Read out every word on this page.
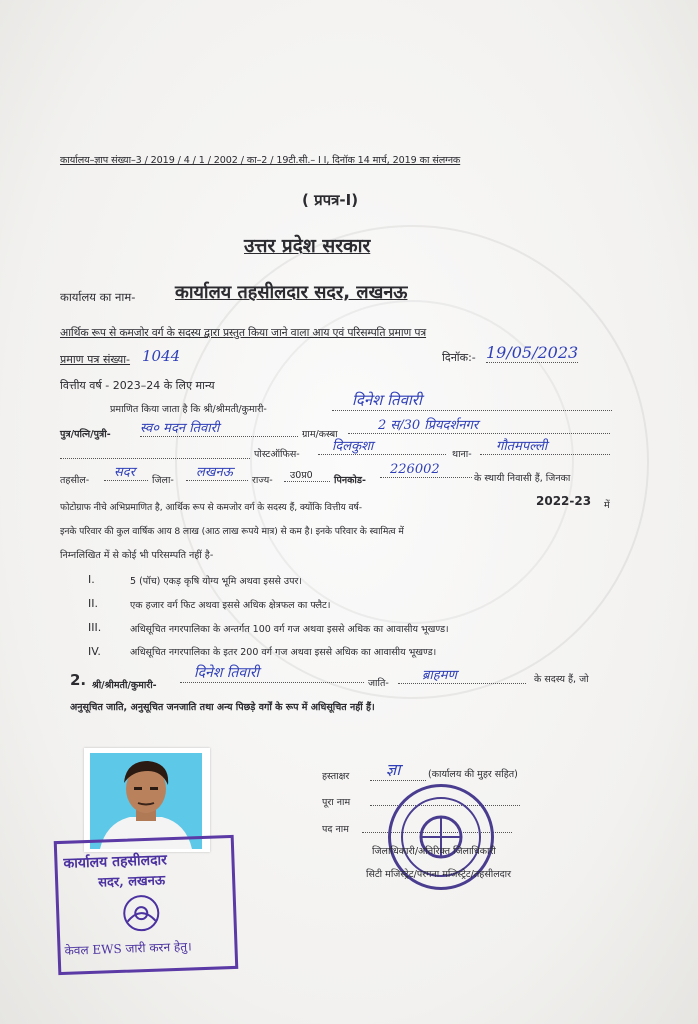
कार्यालय–ज्ञाप संख्या–3 / 2019 / 4 / 1 / 2002 / का–2 / 19टी.सी.– I I, दिनॉक 14 मार्च, 2019 का संलग्नक
( प्रपत्र-I)
उत्तर प्रदेश सरकार
कार्यालय का नाम- कार्यालय तहसीलदार सदर, लखनऊ
आर्थिक रूप से कमजोर वर्ग के सदस्य द्वारा प्रस्तुत किया जाने वाला आय एवं परिसम्पति प्रमाण पत्र
प्रमाण पत्र संख्या- 1044	दिनॉक:- 19/05/2023
वित्तीय वर्ष - 2023–24 के लिए मान्य
प्रमाणित किया जाता है कि श्री/श्रीमती/कुमारी-
दिनेश तिवारी
पुत्र/पत्नि/पुत्री- स्व० मदन तिवारी	ग्राम/कस्बा
2 स/30 प्रियदर्शनगर
पोस्टऑफिस-
दिलकुशा
थाना-
गौतमपल्ली
तहसील-
सदर
जिला-
लखनऊ
राज्य-	उ0प्र0	पिनकोड-
226002
के स्थायी निवासी हैं, जिनका
फोटोग्राफ नीचे अभिप्रमाणित है, आर्थिक रूप से कमजोर वर्ग के सदस्य हैं, क्योंकि वित्तीय वर्ष-	2022-23 में
इनके परिवार की कुल वार्षिक आय 8 लाख (आठ लाख रूपये मात्र) से कम है। इनके परिवार के स्वामित्व में
निम्नलिखित में से कोई भी परिसम्पति नहीं है-
I.	5 (पॉच) एकड़ कृषि योग्य भूमि अथवा इससे उपर।
II.	एक हजार वर्ग फिट अथवा इससे अधिक क्षेत्रफल का फ्लैट।
III.	अधिसूचित नगरपालिका के अन्तर्गत 100 वर्ग गज अथवा इससे अधिक का आवासीय भूखण्ड।
IV.	अधिसूचित नगरपालिका के इतर 200 वर्ग गज अथवा इससे अधिक का आवासीय भूखण्ड।
2. श्री/श्रीमती/कुमारी-
दिनेश तिवारी
जाति-
ब्राहमण	के सदस्य हैं, जो
अनुसूचित जाति, अनुसूचित जनजाति तथा अन्य पिछड़े वर्गों के रूप में अधिसूचित नहीं हैं।
कार्यालय तहसीलदार
सदर, लखनऊ
केवल EWS जारी करन हेतु।
हस्ताक्षर	ज्ञा	(कार्यालय की मुहर सहित)
पूरा नाम
पद नाम
जिलाधिकारी/अतिरिक्त जिलाधिकारी
सिटी मजिस्ट्रेट/परगना मजिस्ट्रेट/तहसीलदार
